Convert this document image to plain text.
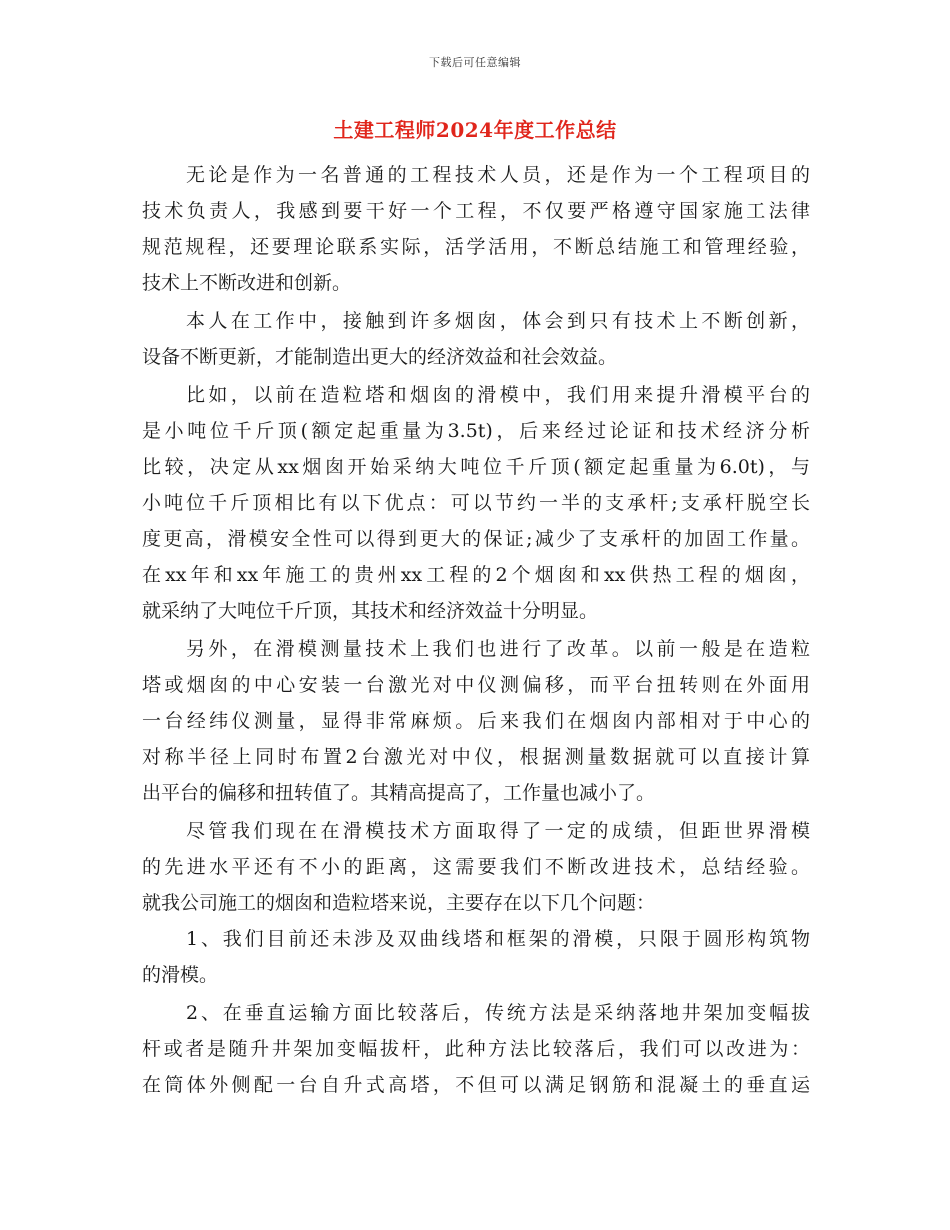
下载后可任意编辑
土建工程师2024年度工作总结
无论是作为一名普通的工程技术人员，还是作为一个工程项目的
技术负责人，我感到要干好一个工程，不仅要严格遵守国家施工法律
规范规程，还要理论联系实际，活学活用，不断总结施工和管理经验，
技术上不断改进和创新。
本人在工作中，接触到许多烟囱，体会到只有技术上不断创新，
设备不断更新，才能制造出更大的经济效益和社会效益。
比如，以前在造粒塔和烟囱的滑模中，我们用来提升滑模平台的
是小吨位千斤顶(额定起重量为3.5t)，后来经过论证和技术经济分析
比较，决定从xx烟囱开始采纳大吨位千斤顶(额定起重量为6.0t)，与
小吨位千斤顶相比有以下优点：可以节约一半的支承杆;支承杆脱空长
度更高，滑模安全性可以得到更大的保证;减少了支承杆的加固工作量。
在xx年和xx年施工的贵州xx工程的2个烟囱和xx供热工程的烟囱，
就采纳了大吨位千斤顶，其技术和经济效益十分明显。
另外，在滑模测量技术上我们也进行了改革。以前一般是在造粒
塔或烟囱的中心安装一台激光对中仪测偏移，而平台扭转则在外面用
一台经纬仪测量，显得非常麻烦。后来我们在烟囱内部相对于中心的
对称半径上同时布置2台激光对中仪，根据测量数据就可以直接计算
出平台的偏移和扭转值了。其精高提高了，工作量也减小了。
尽管我们现在在滑模技术方面取得了一定的成绩，但距世界滑模
的先进水平还有不小的距离，这需要我们不断改进技术，总结经验。
就我公司施工的烟囱和造粒塔来说，主要存在以下几个问题：
1、我们目前还未涉及双曲线塔和框架的滑模，只限于圆形构筑物
的滑模。
2、在垂直运输方面比较落后，传统方法是采纳落地井架加变幅拔
杆或者是随升井架加变幅拔杆，此种方法比较落后，我们可以改进为：
在筒体外侧配一台自升式高塔，不但可以满足钢筋和混凝土的垂直运
